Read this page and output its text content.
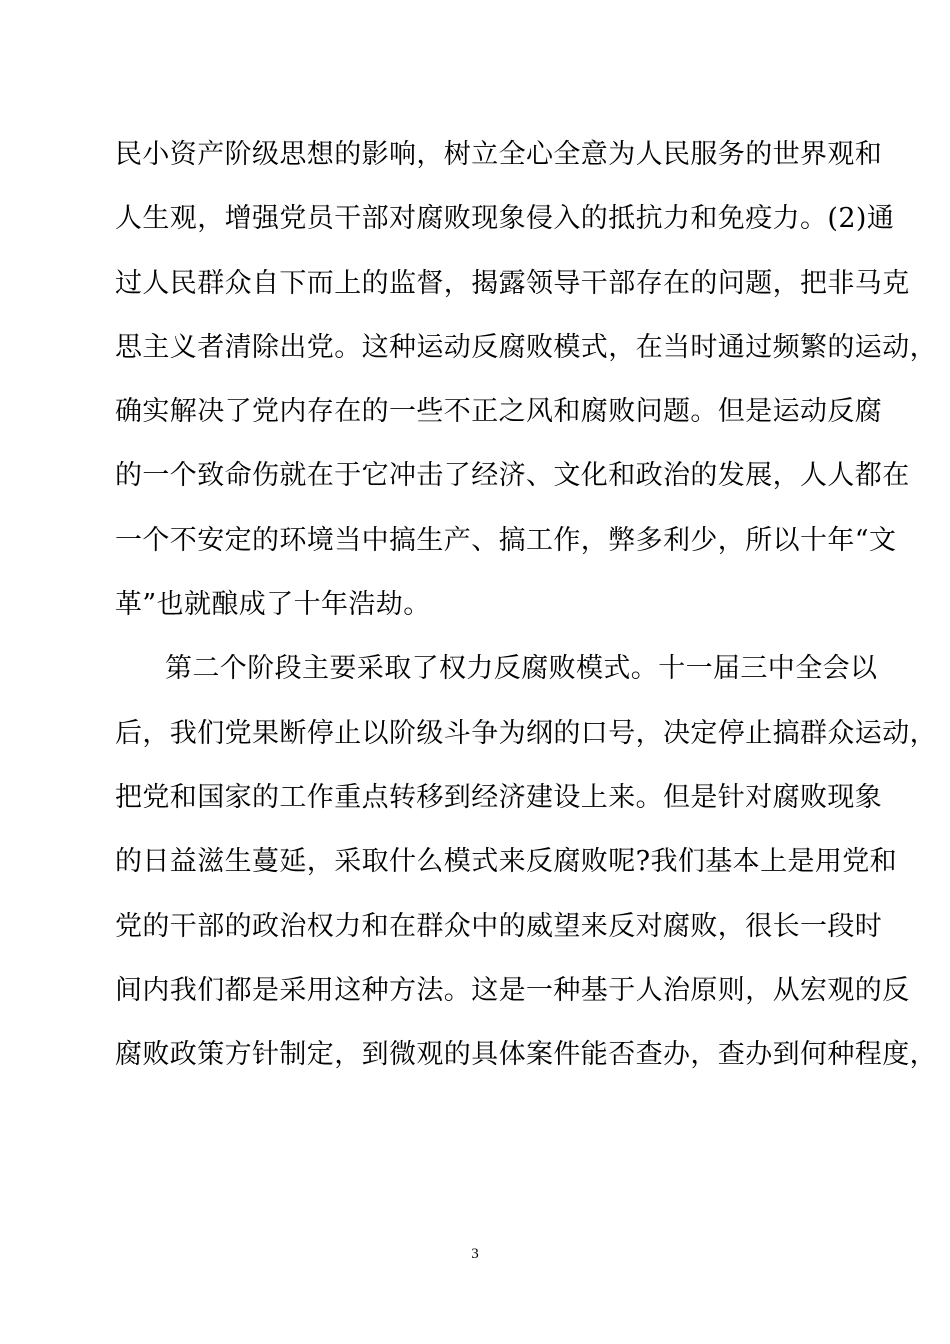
民小资产阶级思想的影响，树立全心全意为人民服务的世界观和
人生观，增强党员干部对腐败现象侵入的抵抗力和免疫力。(2)通
过人民群众自下而上的监督，揭露领导干部存在的问题，把非马克
思主义者清除出党。这种运动反腐败模式，在当时通过频繁的运动，
确实解决了党内存在的一些不正之风和腐败问题。但是运动反腐
的一个致命伤就在于它冲击了经济、文化和政治的发展，人人都在
一个不安定的环境当中搞生产、搞工作，弊多利少，所以十年“文
革”也就酿成了十年浩劫。
第二个阶段主要采取了权力反腐败模式。十一届三中全会以
后，我们党果断停止以阶级斗争为纲的口号，决定停止搞群众运动，
把党和国家的工作重点转移到经济建设上来。但是针对腐败现象
的日益滋生蔓延，采取什么模式来反腐败呢?我们基本上是用党和
党的干部的政治权力和在群众中的威望来反对腐败，很长一段时
间内我们都是采用这种方法。这是一种基于人治原则，从宏观的反
腐败政策方针制定，到微观的具体案件能否查办，查办到何种程度，
3
